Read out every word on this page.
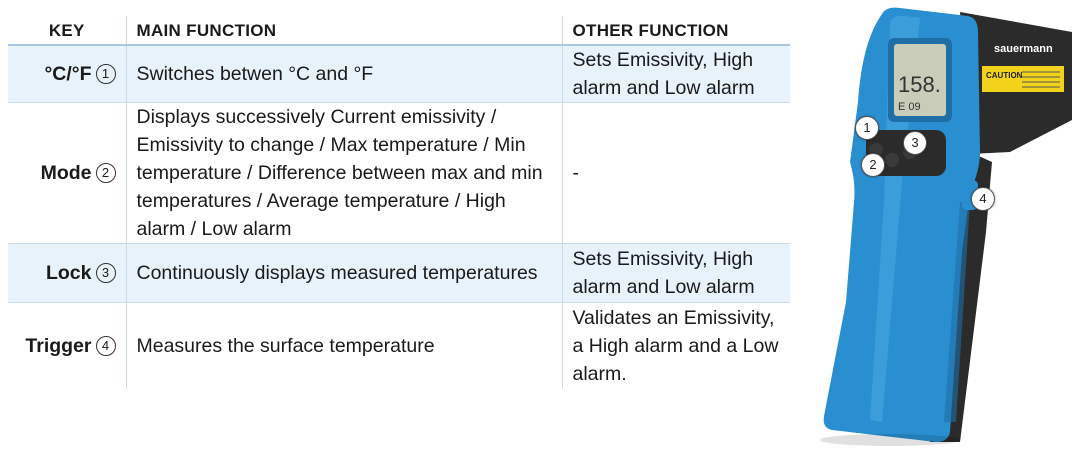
KEY	MAIN FUNCTION	OTHER FUNCTION
°C/°F 1	Switches betwen °C and °F	Sets Emissivity, High alarm and Low alarm
Mode 2	Displays successively Current emissivity / Emissivity to change / Max temperature / Min temperature / Difference between max and min temperatures / Average temperature / High alarm / Low alarm	-
Lock 3	Continuously displays measured temperatures	Sets Emissivity, High alarm and Low alarm
Trigger 4	Measures the surface temperature	Validates an Emissivity, a High alarm and a Low alarm.
158.
E 09
sauermann
CAUTION
1
2
3
4
